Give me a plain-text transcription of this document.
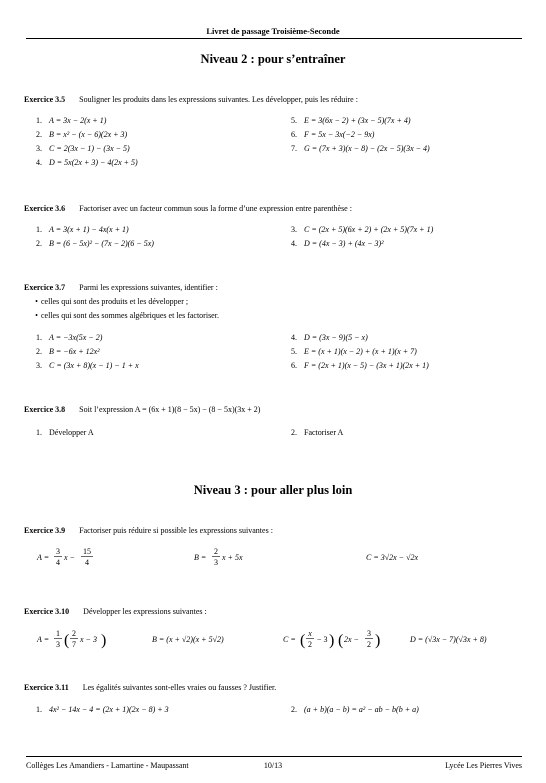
Livret de passage Troisième-Seconde
Niveau 2 : pour s’entraîner
Exercice 3.5 Souligner les produits dans les expressions suivantes. Les développer, puis les réduire :
1. A = 3x − 2(x + 1)
2. B = x² − (x − 6)(2x + 3)
3. C = 2(3x − 1) − (3x − 5)
4. D = 5x(2x + 3) − 4(2x + 5)
5. E = 3(6x − 2) + (3x − 5)(7x + 4)
6. F = 5x − 3x(−2 − 9x)
7. G = (7x + 3)(x − 8) − (2x − 5)(3x − 4)
Exercice 3.6 Factoriser avec un facteur commun sous la forme d’une expression entre parenthèse :
1. A = 3(x + 1) − 4x(x + 1)
2. B = (6 − 5x)² − (7x − 2)(6 − 5x)
3. C = (2x + 5)(6x + 2) + (2x + 5)(7x + 1)
4. D = (4x − 3) + (4x − 3)²
Exercice 3.7 Parmi les expressions suivantes, identifier :
• celles qui sont des produits et les développer ;
• celles qui sont des sommes algébriques et les factoriser.
1. A = −3x(5x − 2)
2. B = −6x + 12x²
3. C = (3x + 8)(x − 1) − 1 + x
4. D = (3x − 9)(5 − x)
5. E = (x + 1)(x − 2) + (x + 1)(x + 7)
6. F = (2x + 1)(x − 5) − (3x + 1)(2x + 1)
Exercice 3.8 Soit l’expression A = (6x + 1)(8 − 5x) − (8 − 5x)(3x + 2)
1. Développer A	2. Factoriser A
Niveau 3 : pour aller plus loin
Exercice 3.9 Factoriser puis réduire si possible les expressions suivantes :
A =
3
4
x −
15
4
B =
2
3
x + 5x	C = 3√2x − √2x
Exercice 3.10 Développer les expressions suivantes :
A =
1
3 ( 2
7
x − 3 )	B = (x + √2)(x + 5√2)	C = ( x
2
− 3 ) ( 2x −
3
2 )	D = (√3x − 7)(√3x + 8)
Exercice 3.11 Les égalités suivantes sont-elles vraies ou fausses ? Justifier.
1. 4x² − 14x − 4 = (2x + 1)(2x − 8) + 3	2. (a + b)(a − b) = a² − ab − b(b + a)
Collèges Les Amandiers - Lamartine - Maupassant	10/13	Lycée Les Pierres Vives
